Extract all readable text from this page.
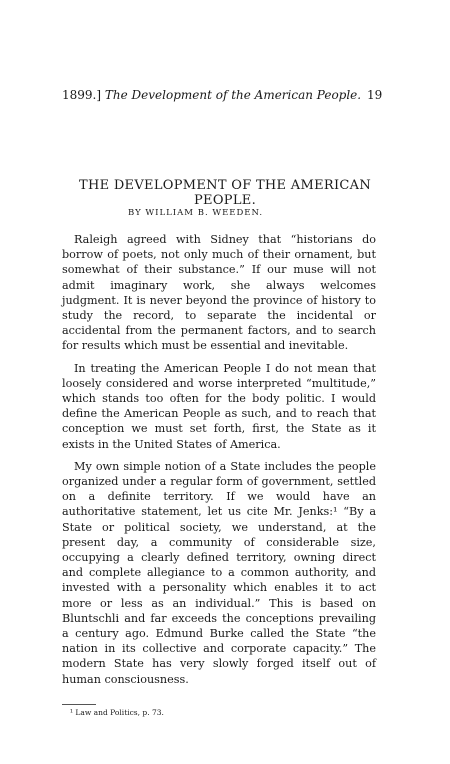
1899.] The Development of the American People. 19
THE DEVELOPMENT OF THE AMERICAN PEOPLE.
BY WILLIAM B. WEEDEN.

Raleigh agreed with Sidney that “historians do borrow of poets, not only much of their ornament, but somewhat of their substance.” If our muse will not admit imaginary work, she always welcomes judgment. It is never beyond the province of history to study the record, to separate the incidental or accidental from the permanent factors, and to search for results which must be essential and inevitable.

In treating the American People I do not mean that loosely considered and worse interpreted “multitude,” which stands too often for the body politic. I would define the American People as such, and to reach that conception we must set forth, first, the State as it exists in the United States of America.

My own simple notion of a State includes the people organized under a regular form of government, settled on a definite territory. If we would have an authoritative statement, let us cite Mr. Jenks:¹ “By a State or political society, we understand, at the present day, a community of considerable size, occupying a clearly defined territory, owning direct and complete allegiance to a common authority, and invested with a personality which enables it to act more or less as an individual.” This is based on Bluntschli and far exceeds the conceptions prevailing a century ago. Edmund Burke called the State “the nation in its collective and corporate capacity.” The modern State has very slowly forged itself out of human consciousness.

¹ Law and Politics, p. 73.
